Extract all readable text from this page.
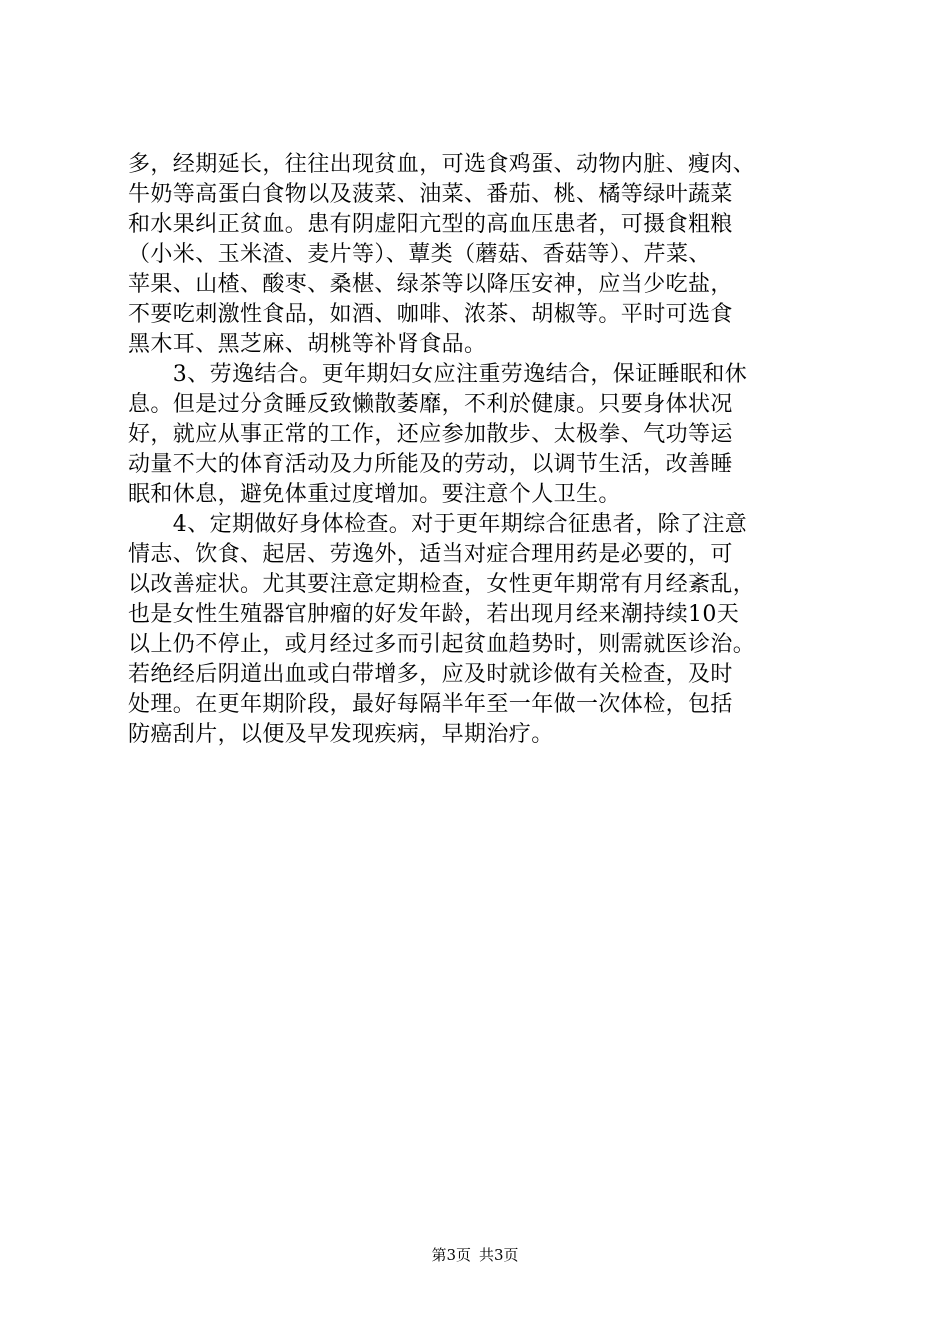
多，经期延长，往往出现贫血，可选食鸡蛋、动物内脏、瘦肉、
牛奶等高蛋白食物以及菠菜、油菜、番茄、桃、橘等绿叶蔬菜
和水果纠正贫血。患有阴虚阳亢型的高血压患者，可摄食粗粮
（小米、玉米渣、麦片等）、蕈类（蘑菇、香菇等）、芹菜、
苹果、山楂、酸枣、桑椹、绿茶等以降压安神，应当少吃盐，
不要吃刺激性食品，如酒、咖啡、浓茶、胡椒等。平时可选食
黑木耳、黑芝麻、胡桃等补肾食品。
　　3、劳逸结合。更年期妇女应注重劳逸结合，保证睡眠和休
息。但是过分贪睡反致懒散萎靡，不利於健康。只要身体状况
好，就应从事正常的工作，还应参加散步、太极拳、气功等运
动量不大的体育活动及力所能及的劳动，以调节生活，改善睡
眠和休息，避免体重过度增加。要注意个人卫生。
　　4、定期做好身体检查。对于更年期综合征患者，除了注意
情志、饮食、起居、劳逸外，适当对症合理用药是必要的，可
以改善症状。尤其要注意定期检查，女性更年期常有月经紊乱，
也是女性生殖器官肿瘤的好发年龄，若出现月经来潮持续10天
以上仍不停止，或月经过多而引起贫血趋势时，则需就医诊治。
若绝经后阴道出血或白带增多，应及时就诊做有关检查，及时
处理。在更年期阶段，最好每隔半年至一年做一次体检，包括
防癌刮片，以便及早发现疾病，早期治疗。
第3页 共3页
